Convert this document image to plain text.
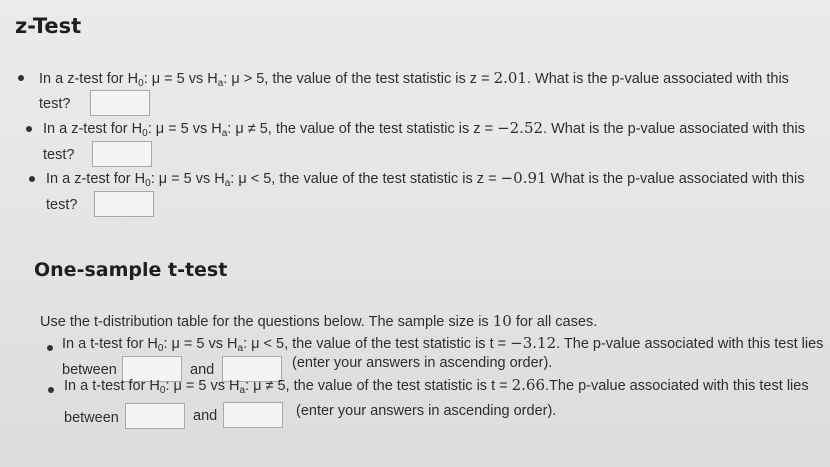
z-Test
In a z-test for $H_0$: μ = 5 vs $H_a$: μ > 5, the value of the test statistic is z = 2.01. What is the p-value associated with this
test?
In a z-test for $H_0$: μ = 5 vs $H_a$: μ ≠ 5, the value of the test statistic is z = −2.52. What is the p-value associated with this
test?
In a z-test for $H_0$: μ = 5 vs $H_a$: μ < 5, the value of the test statistic is z = −0.91 What is the p-value associated with this
test?
One-sample t-test
Use the t-distribution table for the questions below. The sample size is 10 for all cases.
In a t-test for $H_0$: μ = 5 vs $H_a$: μ < 5, the value of the test statistic is t = −3.12. The p-value associated with this test lies
between	and	(enter your answers in ascending order).
In a t-test for $H_0$: μ = 5 vs $H_a$: μ ≠ 5, the value of the test statistic is t = 2.66.The p-value associated with this test lies
between	and	(enter your answers in ascending order).
